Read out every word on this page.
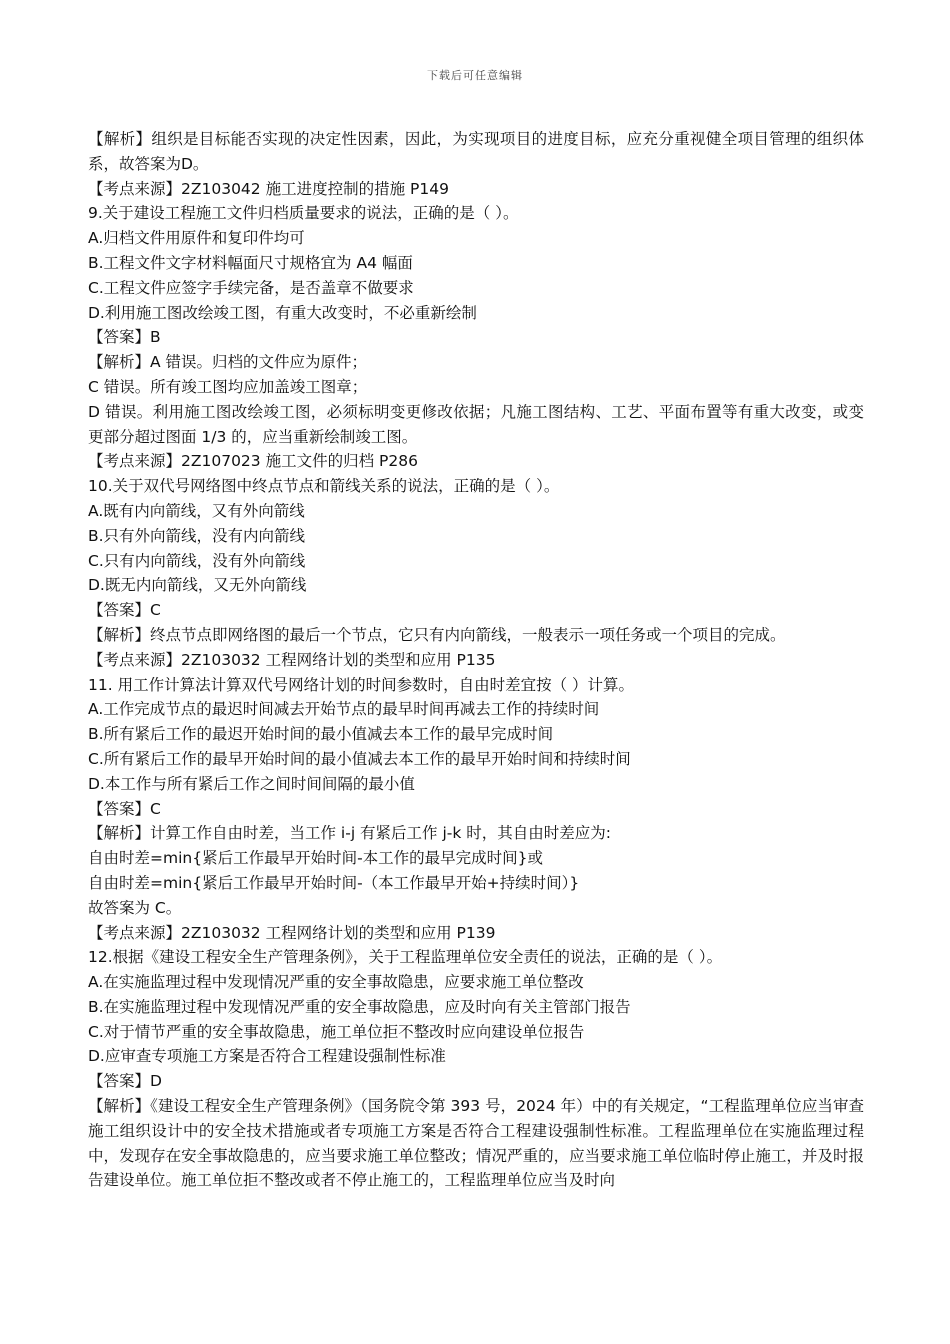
下载后可任意编辑

【解析】组织是目标能否实现的决定性因素，因此，为实现项目的进度目标，应充分重视健全项目管理的组织体系，故答案为D。

【考点来源】2Z103042 施工进度控制的措施 P149

9.关于建设工程施工文件归档质量要求的说法，正确的是（ ）。

A.归档文件用原件和复印件均可

B.工程文件文字材料幅面尺寸规格宜为 A4 幅面

C.工程文件应签字手续完备，是否盖章不做要求

D.利用施工图改绘竣工图，有重大改变时，不必重新绘制

【答案】B

【解析】A 错误。归档的文件应为原件；

C 错误。所有竣工图均应加盖竣工图章；

D 错误。利用施工图改绘竣工图，必须标明变更修改依据；凡施工图结构、工艺、平面布置等有重大改变，或变更部分超过图面 1/3 的，应当重新绘制竣工图。

【考点来源】2Z107023 施工文件的归档 P286

10.关于双代号网络图中终点节点和箭线关系的说法，正确的是（ ）。

A.既有内向箭线，又有外向箭线

B.只有外向箭线，没有内向箭线

C.只有内向箭线，没有外向箭线

D.既无内向箭线，又无外向箭线

【答案】C

【解析】终点节点即网络图的最后一个节点，它只有内向箭线，一般表示一项任务或一个项目的完成。

【考点来源】2Z103032 工程网络计划的类型和应用 P135

11. 用工作计算法计算双代号网络计划的时间参数时，自由时差宜按（ ）计算。

A.工作完成节点的最迟时间减去开始节点的最早时间再减去工作的持续时间

B.所有紧后工作的最迟开始时间的最小值减去本工作的最早完成时间

C.所有紧后工作的最早开始时间的最小值减去本工作的最早开始时间和持续时间

D.本工作与所有紧后工作之间时间间隔的最小值

【答案】C

【解析】计算工作自由时差，当工作 i-j 有紧后工作 j-k 时，其自由时差应为:

自由时差=min{紧后工作最早开始时间-本工作的最早完成时间}或

自由时差=min{紧后工作最早开始时间-（本工作最早开始+持续时间）}

故答案为 C。

【考点来源】2Z103032 工程网络计划的类型和应用 P139

12.根据《建设工程安全生产管理条例》，关于工程监理单位安全责任的说法，正确的是（ ）。

A.在实施监理过程中发现情况严重的安全事故隐患，应要求施工单位整改

B.在实施监理过程中发现情况严重的安全事故隐患，应及时向有关主管部门报告

C.对于情节严重的安全事故隐患，施工单位拒不整改时应向建设单位报告

D.应审查专项施工方案是否符合工程建设强制性标准

【答案】D

【解析】《建设工程安全生产管理条例》（国务院令第 393 号，2024 年）中的有关规定，“工程监理单位应当审查施工组织设计中的安全技术措施或者专项施工方案是否符合工程建设强制性标准。工程监理单位在实施监理过程中，发现存在安全事故隐患的，应当要求施工单位整改；情况严重的，应当要求施工单位临时停止施工，并及时报告建设单位。施工单位拒不整改或者不停止施工的，工程监理单位应当及时向
